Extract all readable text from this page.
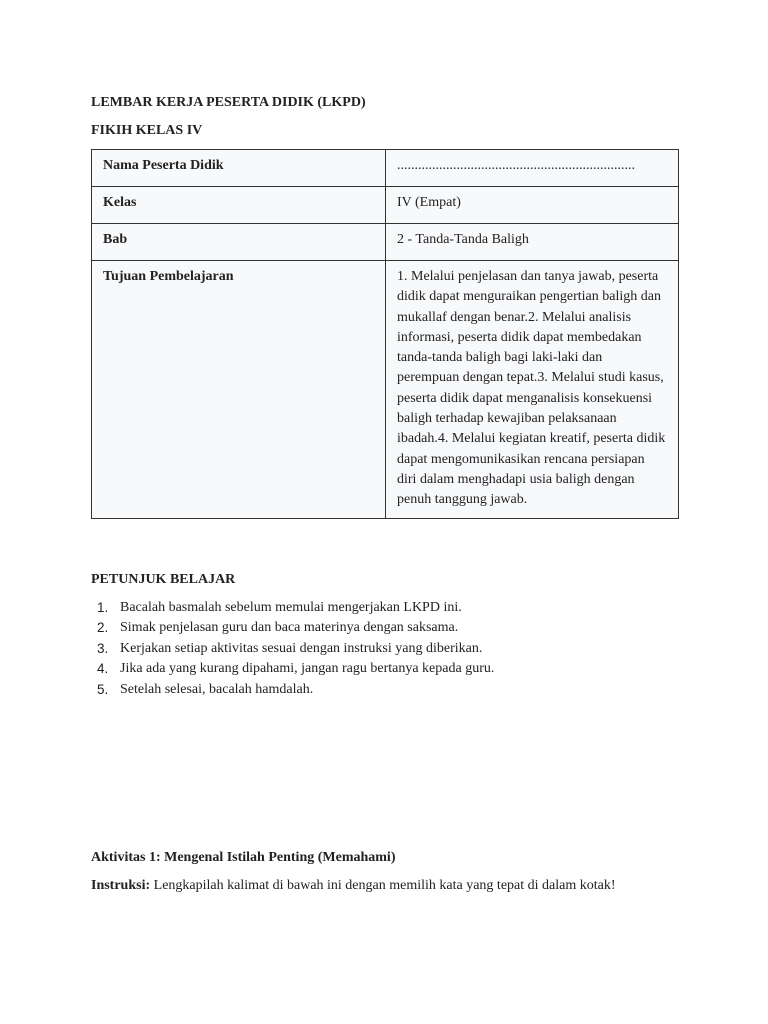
LEMBAR KERJA PESERTA DIDIK (LKPD)
FIKIH KELAS IV
Nama Peserta Didik	....................................................................
Kelas	IV (Empat)
Bab	2 - Tanda-Tanda Baligh
Tujuan Pembelajaran	1. Melalui penjelasan dan tanya jawab, peserta didik dapat menguraikan pengertian baligh dan mukallaf dengan benar.2. Melalui analisis informasi, peserta didik dapat membedakan tanda-tanda baligh bagi laki-laki dan perempuan dengan tepat.3. Melalui studi kasus, peserta didik dapat menganalisis konsekuensi baligh terhadap kewajiban pelaksanaan ibadah.4. Melalui kegiatan kreatif, peserta didik dapat mengomunikasikan rencana persiapan diri dalam menghadapi usia baligh dengan penuh tanggung jawab.
PETUNJUK BELAJAR
1. Bacalah basmalah sebelum memulai mengerjakan LKPD ini.
2. Simak penjelasan guru dan baca materinya dengan saksama.
3. Kerjakan setiap aktivitas sesuai dengan instruksi yang diberikan.
4. Jika ada yang kurang dipahami, jangan ragu bertanya kepada guru.
5. Setelah selesai, bacalah hamdalah.
Aktivitas 1: Mengenal Istilah Penting (Memahami)
Instruksi: Lengkapilah kalimat di bawah ini dengan memilih kata yang tepat di dalam kotak!
